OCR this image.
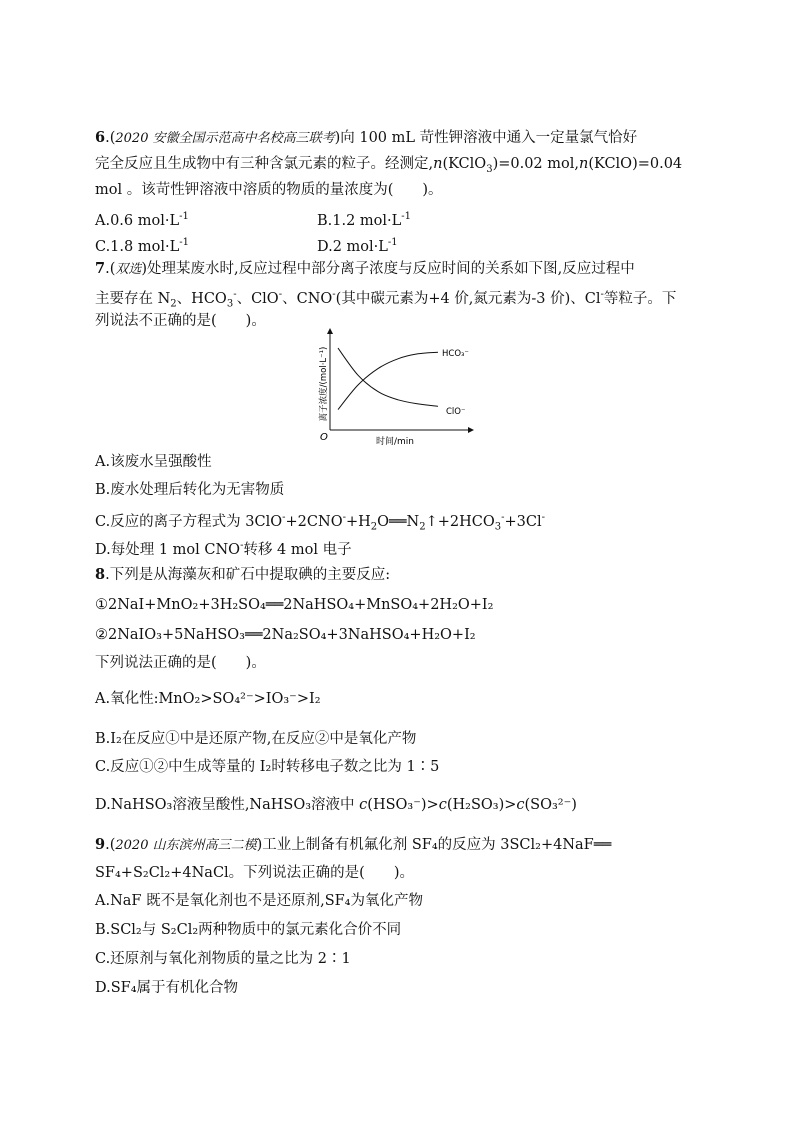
6.(2020 安徽全国示范高中名校高三联考)向 100 mL 苛性钾溶液中通入一定量氯气恰好
完全反应且生成物中有三种含氯元素的粒子。经测定,n(KClO$_3$)=0.02 mol,n(KClO)=0.04
mol 。该苛性钾溶液中溶质的物质的量浓度为(　　)。
A.0.6 $mol\cdot L^{-1}$	B.1.2 $mol\cdot L^{-1}$
C.1.8 $mol\cdot L^{-1}$	D.2 $mol\cdot L^{-1}$
7.(双选)处理某废水时,反应过程中部分离子浓度与反应时间的关系如下图,反应过程中
主要存在 $N_2$、$HCO_3^-$、ClO-、CNO-(其中碳元素为+4 价,氮元素为-3 价)、Cl-等粒子。下
列说法不正确的是(　　)。
O	时间/min
离子浓度/(mol·L⁻¹)	HCO₃⁻
ClO⁻
A.该废水呈强酸性
B.废水处理后转化为无害物质
C.反应的离子方程式为 $3ClO^-+2CNO^-+H_2O══N_2↑+2HCO_3^-+3Cl^-$
D.每处理 1 mol CNO-转移 4 mol 电子
8.下列是从海藻灰和矿石中提取碘的主要反应:
①2NaI+MnO₂+3H₂SO₄══2NaHSO₄+MnSO₄+2H₂O+I₂
②2NaIO₃+5NaHSO₃══2Na₂SO₄+3NaHSO₄+H₂O+I₂
下列说法正确的是(　　)。
A.氧化性:MnO₂>SO₄²⁻>IO₃⁻>I₂
B.I₂在反应①中是还原产物,在反应②中是氧化产物
C.反应①②中生成等量的 I₂时转移电子数之比为 1∶5
D.NaHSO₃溶液呈酸性,NaHSO₃溶液中 c(HSO₃⁻)>c(H₂SO₃)>c(SO₃²⁻)
9.(2020 山东滨州高三二模)工业上制备有机氟化剂 SF₄的反应为 3SCl₂+4NaF══
SF₄+S₂Cl₂+4NaCl。下列说法正确的是(　　)。
A.NaF 既不是氧化剂也不是还原剂,SF₄为氧化产物
B.SCl₂与 S₂Cl₂两种物质中的氯元素化合价不同
C.还原剂与氧化剂物质的量之比为 2∶1
D.SF₄属于有机化合物
